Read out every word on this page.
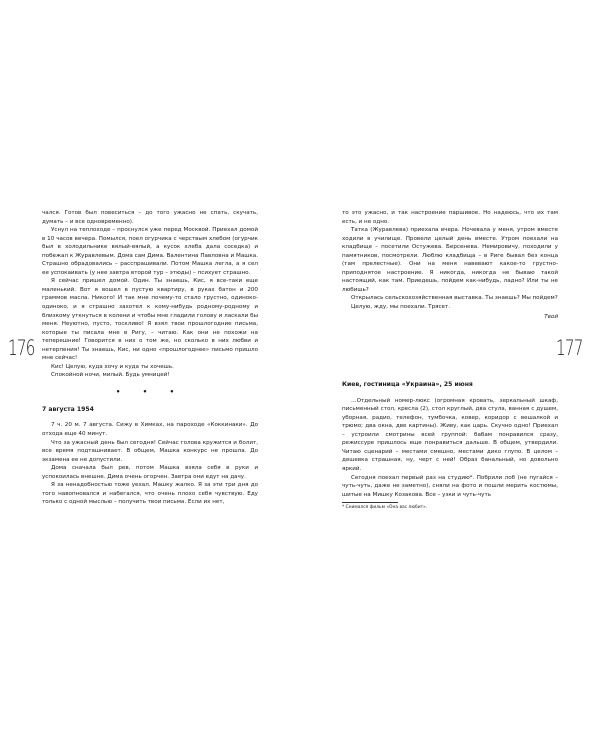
чался. Готов был повеситься – до того ужасно не спать, скучать, думать – и все одновременно).

Уснул на теплоходе – проснулся уже перед Москвой. Приехал домой в 10 часов вечера. Помылся, поел огурчика с черствым хлебом (огурчик был в холодильнике вялый-вялый, а кусок хлеба дала соседка) и побежал к Журавлевым. Дома сам Дима. Валентина Павловна и Машка. Страшно обрадовались – расспрашивали. Потом Машка легла, а я сел ее успокаивать (у нее завтра второй тур – этюды) – психует страшно.

Я сейчас пришел домой. Один. Ты знаешь, Кис, я все-таки еще маленький. Вот я вошел в пустую квартиру, в руках батон и 200 граммов масла. Никого! И так мне почему-то стало грустно, одиноко-одиноко, и я страшно захотел к кому-нибудь родному-родному и близкому уткнуться в колени и чтобы мне гладили голову и ласкали бы меня. Неуютно, пусто, тоскливо! Я взял твои прошлогодние письма, которые ты писала мне в Ригу, – читаю. Как они не похожи на теперешние! Говорится в них о том же, но сколько в них любви и нетерпения! Ты знаешь, Кис, ни одно «прошлогоднее» письмо пришло мне сейчас!

Кис! Целую, куда хочу и куда ты хочешь.

Спокойной ночи, милый. Будь умницей!

• • •

7 августа 1954

7 ч. 20 м. 7 августа. Сижу в Химках, на пароходе «Коккинаки». До отхода еще 40 минут.

Что за ужасный день был сегодня! Сейчас голова кружится и болит, все время подташнивает. В общем, Машка конкурс не прошла. До экзамена ее не допустили.

Дома сначала был рев, потом Машка взяла себя в руки и успокоилась внешне. Дима очень огорчен. Завтра они едут на дачу.

Я за ненадобностью тоже уехал. Машку жалко. Я за эти три дня до того навопновался и набегался, что очень плохо себя чувствую. Еду только с одной мыслью – получить твои письма. Если их нет,

176

то это ужасно, и так настроение паршивое. Но надеюсь, что их там есть, и не одно.

Татка (Журавлева) приехала вчера. Ночевала у меня, утром вместе ходили в училище. Провели целый день вместе. Утром поехали на кладбище – посетили Остужева. Берсенева. Немировичу, походили у памятников, посмотрели. Люблю кладбища – в Риге бывал без конца (там прелестные). Они на меня навевают какое-то грустно-приподнятое настроение. Я никогда, никогда не бываю такой настоящий, как там. Приедешь, пойдем как-нибудь, ладно? Или ты не любишь?

Открылась сельскохозяйственная выставка. Ты знаешь? Мы пойдем?

Целую, жду, мы поехали. Трясет.

Твой

Киев, гостиница «Украина», 25 июня

…Отдельный номер-люкс (огромная кровать, зеркальный шкаф, письменный стол, кресла (2), стол круглый, два стула, ванная с душем, уборная, радио, телефон, тумбочка, ковер, коридор с вешалкой и трюмо; два окна, две картины). Живу, как царь. Скучно одно! Приехал – устроили смотрины всей группой: бабам понравился сразу, режиссуре пришлось еще понравиться дальше. В общем, утвердили. Читаю сценарий – местами смешно, местами дико глупо. В целом – дешевка страшная, ну, черт с ней! Образ банальный, но довольно яркий.

Сегодня поехал первый раз на студию*. Побрили лоб (не пугайся – чуть-чуть, даже не заметно), сняли на фото и пошли мерить костюмы, шитые на Мишку Козакова. Все – узки и чуть-чуть

* Снимался фильм «Она вас любит».

177
